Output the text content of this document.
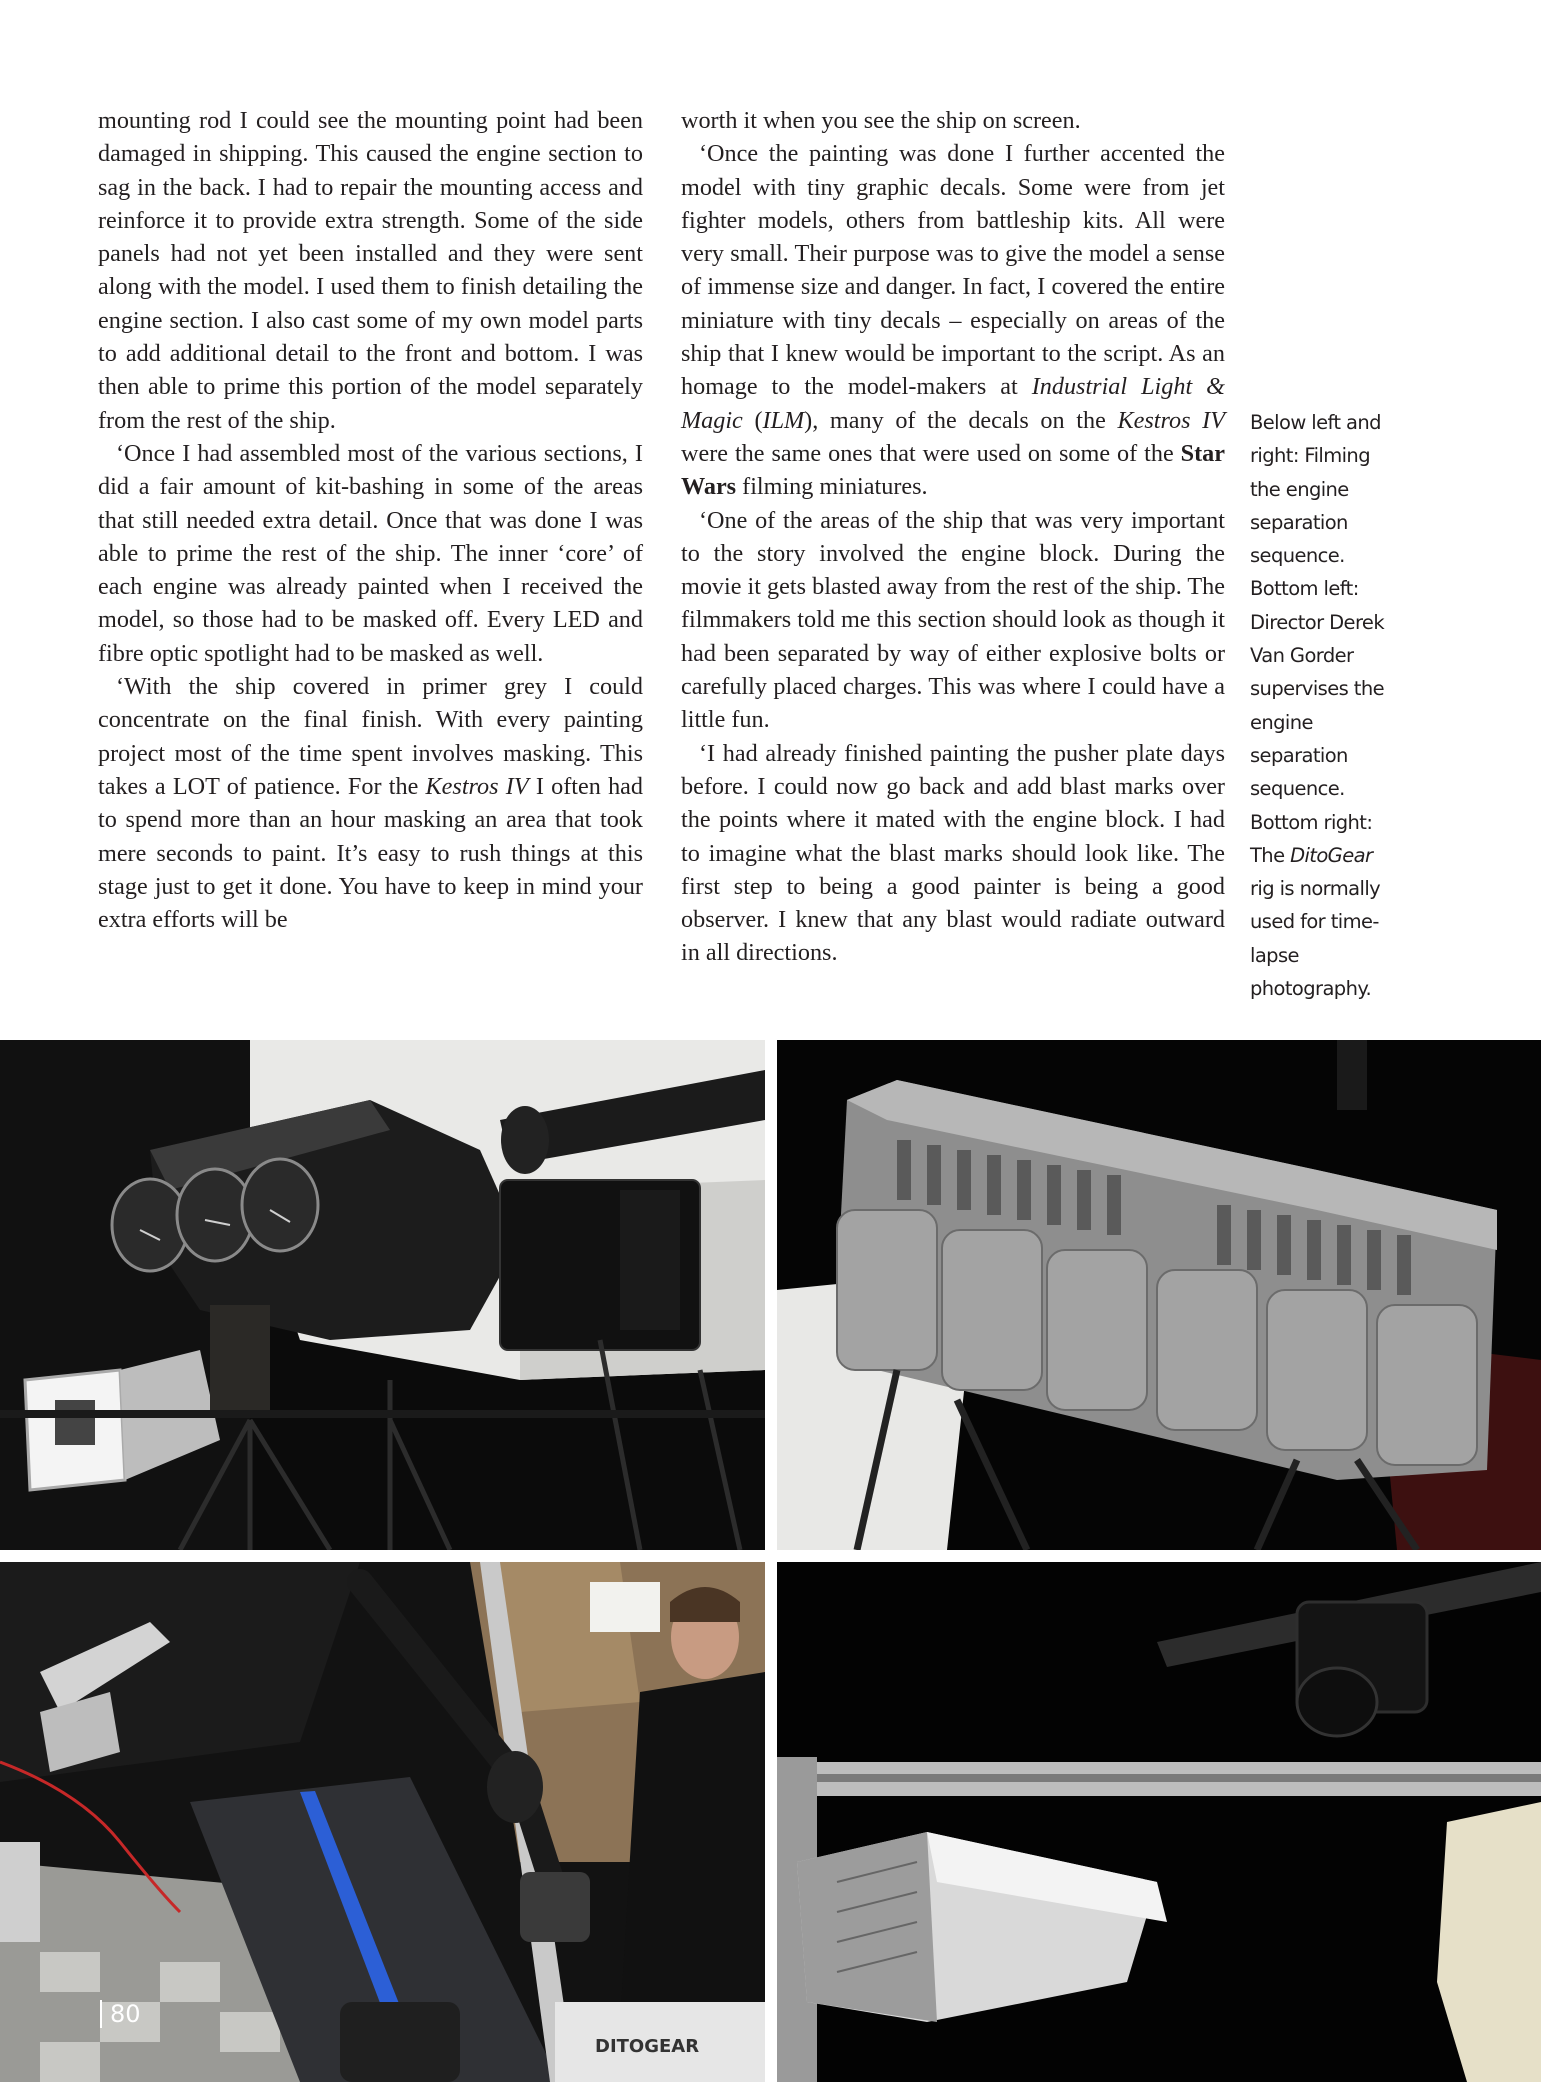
mounting rod I could see the mounting point had been damaged in shipping. This caused the engine section to sag in the back. I had to repair the mounting access and reinforce it to provide extra strength. Some of the side panels had not yet been installed and they were sent along with the model. I used them to finish detailing the engine section. I also cast some of my own model parts to add additional detail to the front and bottom. I was then able to prime this portion of the model separately from the rest of the ship.

‘Once I had assembled most of the various sections, I did a fair amount of kit-bashing in some of the areas that still needed extra detail. Once that was done I was able to prime the rest of the ship. The inner ‘core’ of each engine was already painted when I received the model, so those had to be masked off. Every LED and fibre optic spotlight had to be masked as well.

‘With the ship covered in primer grey I could concentrate on the final finish. With every painting project most of the time spent involves masking. This takes a LOT of patience. For the Kestros IV I often had to spend more than an hour masking an area that took mere seconds to paint. It’s easy to rush things at this stage just to get it done. You have to keep in mind your extra efforts will be

worth it when you see the ship on screen.

‘Once the painting was done I further accented the model with tiny graphic decals. Some were from jet fighter models, others from battleship kits. All were very small. Their purpose was to give the model a sense of immense size and danger. In fact, I covered the entire miniature with tiny decals – especially on areas of the ship that I knew would be important to the script. As an homage to the model-makers at Industrial Light & Magic (ILM), many of the decals on the Kestros IV were the same ones that were used on some of the Star Wars filming miniatures.

‘One of the areas of the ship that was very important to the story involved the engine block. During the movie it gets blasted away from the rest of the ship. The filmmakers told me this section should look as though it had been separated by way of either explosive bolts or carefully placed charges. This was where I could have a little fun.

‘I had already finished painting the pusher plate days before. I could now go back and add blast marks over the points where it mated with the engine block. I had to imagine what the blast marks should look like. The first step to being a good painter is being a good observer. I knew that any blast would radiate outward in all directions.

Below left and right: Filming the engine separation sequence. Bottom left: Director Derek Van Gorder supervises the engine separation sequence. Bottom right: The DitoGear rig is normally used for time-lapse photography.
DITOGEAR
80
